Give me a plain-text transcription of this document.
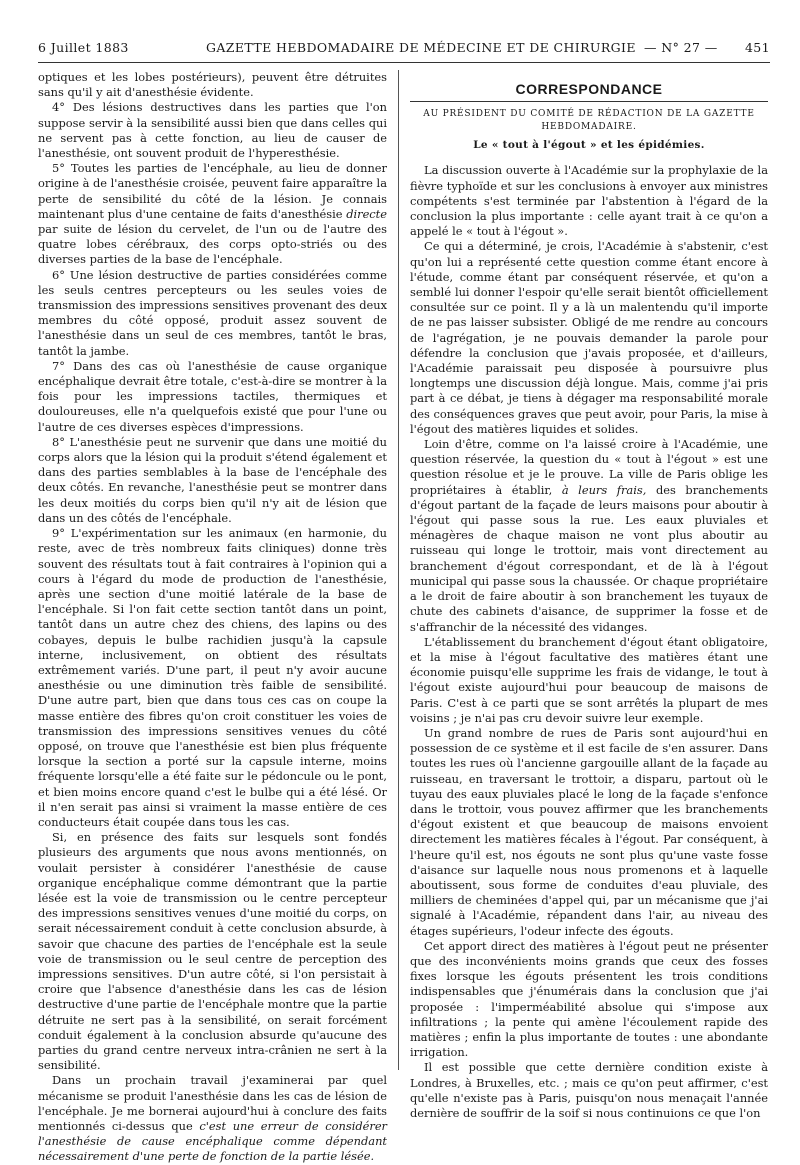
6 Juillet 1883	GAZETTE HEBDOMADAIRE DE MÉDECINE ET DE CHIRURGIE — N° 27 — 451

optiques et les lobes postérieurs), peuvent être détruites sans qu'il y ait d'anesthésie évidente.

4° Des lésions destructives dans les parties que l'on suppose servir à la sensibilité aussi bien que dans celles qui ne servent pas à cette fonction, au lieu de causer de l'anesthésie, ont souvent produit de l'hyperesthésie.

5° Toutes les parties de l'encéphale, au lieu de donner origine à de l'anesthésie croisée, peuvent faire apparaître la perte de sensibilité du côté de la lésion. Je connais maintenant plus d'une centaine de faits d'anesthésie directe par suite de lésion du cervelet, de l'un ou de l'autre des quatre lobes cérébraux, des corps opto-striés ou des diverses parties de la base de l'encéphale.

6° Une lésion destructive de parties considérées comme les seuls centres percepteurs ou les seules voies de transmission des impressions sensitives provenant des deux membres du côté opposé, produit assez souvent de l'anesthésie dans un seul de ces membres, tantôt le bras, tantôt la jambe.

7° Dans des cas où l'anesthésie de cause organique encéphalique devrait être totale, c'est-à-dire se montrer à la fois pour les impressions tactiles, thermiques et douloureuses, elle n'a quelquefois existé que pour l'une ou l'autre de ces diverses espèces d'impressions.

8° L'anesthésie peut ne survenir que dans une moitié du corps alors que la lésion qui la produit s'étend également et dans des parties semblables à la base de l'encéphale des deux côtés. En revanche, l'anesthésie peut se montrer dans les deux moitiés du corps bien qu'il n'y ait de lésion que dans un des côtés de l'encéphale.

9° L'expérimentation sur les animaux (en harmonie, du reste, avec de très nombreux faits cliniques) donne très souvent des résultats tout à fait contraires à l'opinion qui a cours à l'égard du mode de production de l'anesthésie, après une section d'une moitié latérale de la base de l'encéphale. Si l'on fait cette section tantôt dans un point, tantôt dans un autre chez des chiens, des lapins ou des cobayes, depuis le bulbe rachidien jusqu'à la capsule interne, inclusivement, on obtient des résultats extrêmement variés. D'une part, il peut n'y avoir aucune anesthésie ou une diminution très faible de sensibilité. D'une autre part, bien que dans tous ces cas on coupe la masse entière des fibres qu'on croit constituer les voies de transmission des impressions sensitives venues du côté opposé, on trouve que l'anesthésie est bien plus fréquente lorsque la section a porté sur la capsule interne, moins fréquente lorsqu'elle a été faite sur le pédoncule ou le pont, et bien moins encore quand c'est le bulbe qui a été lésé. Or il n'en serait pas ainsi si vraiment la masse entière de ces conducteurs était coupée dans tous les cas.

Si, en présence des faits sur lesquels sont fondés plusieurs des arguments que nous avons mentionnés, on voulait persister à considérer l'anesthésie de cause organique encéphalique comme démontrant que la partie lésée est la voie de transmission ou le centre percepteur des impressions sensitives venues d'une moitié du corps, on serait nécessairement conduit à cette conclusion absurde, à savoir que chacune des parties de l'encéphale est la seule voie de transmission ou le seul centre de perception des impressions sensitives. D'un autre côté, si l'on persistait à croire que l'absence d'anesthésie dans les cas de lésion destructive d'une partie de l'encéphale montre que la partie détruite ne sert pas à la sensibilité, on serait forcément conduit également à la conclusion absurde qu'aucune des parties du grand centre nerveux intra-crânien ne sert à la sensibilité.

Dans un prochain travail j'examinerai par quel mécanisme se produit l'anesthésie dans les cas de lésion de l'encéphale. Je me bornerai aujourd'hui à conclure des faits mentionnés ci-dessus que c'est une erreur de considérer l'anesthésie de cause encéphalique comme dépendant nécessairement d'une perte de fonction de la partie lésée.

CORRESPONDANCE
AU PRÉSIDENT DU COMITÉ DE RÉDACTION DE LA GAZETTE HEBDOMADAIRE.
Le « tout à l'égout » et les épidémies.

La discussion ouverte à l'Académie sur la prophylaxie de la fièvre typhoïde et sur les conclusions à envoyer aux ministres compétents s'est terminée par l'abstention à l'égard de la conclusion la plus importante : celle ayant trait à ce qu'on a appelé le « tout à l'égout ».

Ce qui a déterminé, je crois, l'Académie à s'abstenir, c'est qu'on lui a représenté cette question comme étant encore à l'étude, comme étant par conséquent réservée, et qu'on a semblé lui donner l'espoir qu'elle serait bientôt officiellement consultée sur ce point. Il y a là un malentendu qu'il importe de ne pas laisser subsister. Obligé de me rendre au concours de l'agrégation, je ne pouvais demander la parole pour défendre la conclusion que j'avais proposée, et d'ailleurs, l'Académie paraissait peu disposée à poursuivre plus longtemps une discussion déjà longue. Mais, comme j'ai pris part à ce débat, je tiens à dégager ma responsabilité morale des conséquences graves que peut avoir, pour Paris, la mise à l'égout des matières liquides et solides.

Loin d'être, comme on l'a laissé croire à l'Académie, une question réservée, la question du « tout à l'égout » est une question résolue et je le prouve. La ville de Paris oblige les propriétaires à établir, à leurs frais, des branchements d'égout partant de la façade de leurs maisons pour aboutir à l'égout qui passe sous la rue. Les eaux pluviales et ménagères de chaque maison ne vont plus aboutir au ruisseau qui longe le trottoir, mais vont directement au branchement d'égout correspondant, et de là à l'égout municipal qui passe sous la chaussée. Or chaque propriétaire a le droit de faire aboutir à son branchement les tuyaux de chute des cabinets d'aisance, de supprimer la fosse et de s'affranchir de la nécessité des vidanges.

L'établissement du branchement d'égout étant obligatoire, et la mise à l'égout facultative des matières étant une économie puisqu'elle supprime les frais de vidange, le tout à l'égout existe aujourd'hui pour beaucoup de maisons de Paris. C'est à ce parti que se sont arrêtés la plupart de mes voisins ; je n'ai pas cru devoir suivre leur exemple.

Un grand nombre de rues de Paris sont aujourd'hui en possession de ce système et il est facile de s'en assurer. Dans toutes les rues où l'ancienne gargouille allant de la façade au ruisseau, en traversant le trottoir, a disparu, partout où le tuyau des eaux pluviales placé le long de la façade s'enfonce dans le trottoir, vous pouvez affirmer que les branchements d'égout existent et que beaucoup de maisons envoient directement les matières fécales à l'égout. Par conséquent, à l'heure qu'il est, nos égouts ne sont plus qu'une vaste fosse d'aisance sur laquelle nous nous promenons et à laquelle aboutissent, sous forme de conduites d'eau pluviale, des milliers de cheminées d'appel qui, par un mécanisme que j'ai signalé à l'Académie, répandent dans l'air, au niveau des étages supérieurs, l'odeur infecte des égouts.

Cet apport direct des matières à l'égout peut ne présenter que des inconvénients moins grands que ceux des fosses fixes lorsque les égouts présentent les trois conditions indispensables que j'énumérais dans la conclusion que j'ai proposée : l'imperméabilité absolue qui s'impose aux infiltrations ; la pente qui amène l'écoulement rapide des matières ; enfin la plus importante de toutes : une abondante irrigation.

Il est possible que cette dernière condition existe à Londres, à Bruxelles, etc. ; mais ce qu'on peut affirmer, c'est qu'elle n'existe pas à Paris, puisqu'on nous menaçait l'année dernière de souffrir de la soif si nous continuions ce que l'on
